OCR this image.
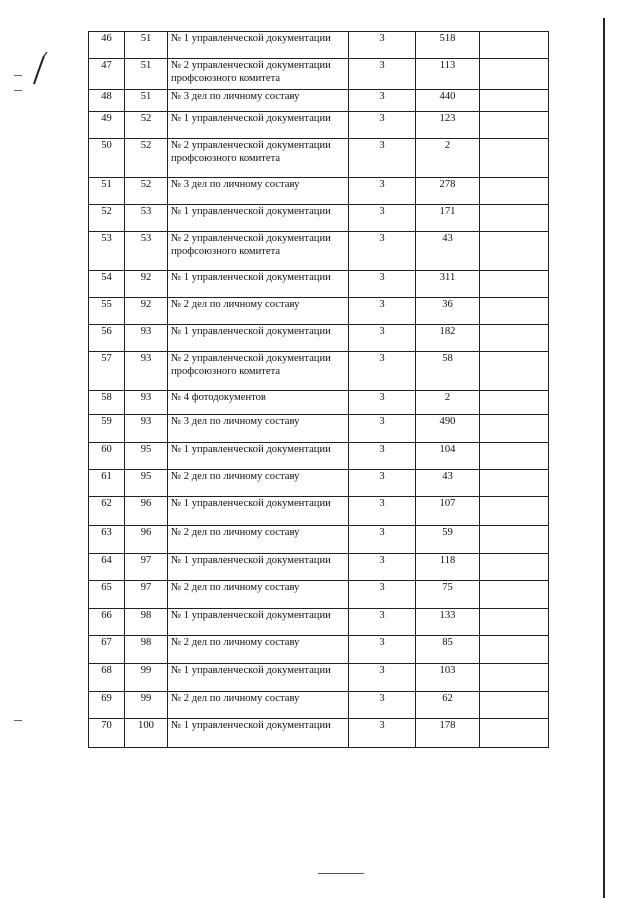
46	51	№ 1 управленческой документации	3	518	
47	51	№ 2 управленческой документации профсоюзного комитета	3	113	
48	51	№ 3 дел по личному составу	3	440	
49	52	№ 1 управленческой документации	3	123	
50	52	№ 2 управленческой документации профсоюзного комитета	3	2	
51	52	№ 3 дел по личному составу	3	278	
52	53	№ 1 управленческой документации	3	171	
53	53	№ 2 управленческой документации профсоюзного комитета	3	43	
54	92	№ 1 управленческой документации	3	311	
55	92	№ 2 дел по личному составу	3	36	
56	93	№ 1 управленческой документации	3	182	
57	93	№ 2 управленческой документации профсоюзного комитета	3	58	
58	93	№ 4 фотодокументов	3	2	
59	93	№ 3 дел по личному составу	3	490	
60	95	№ 1 управленческой документации	3	104	
61	95	№ 2 дел по личному составу	3	43	
62	96	№ 1 управленческой документации	3	107	
63	96	№ 2 дел по личному составу	3	59	
64	97	№ 1 управленческой документации	3	118	
65	97	№ 2 дел по личному составу	3	75	
66	98	№ 1 управленческой документации	3	133	
67	98	№ 2 дел по личному составу	3	85	
68	99	№ 1 управленческой документации	3	103	
69	99	№ 2 дел по личному составу	3	62	
70	100	№ 1 управленческой документации	3	178	
